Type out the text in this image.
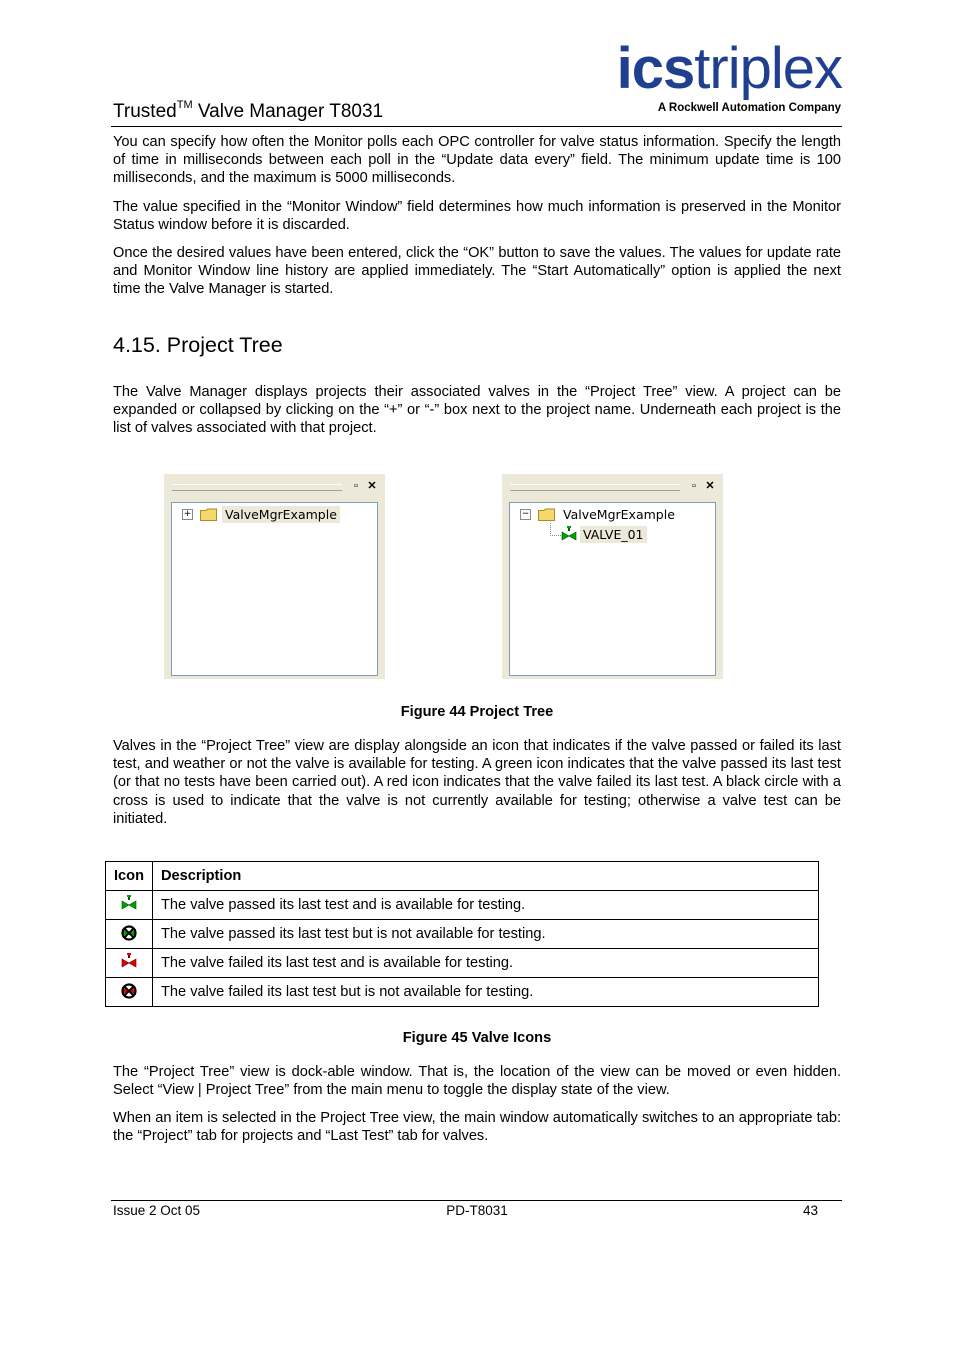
icstriplex
A Rockwell Automation Company
Trusted™ Valve Manager T8031
You can specify how often the Monitor polls each OPC controller for valve status information. Specify the length of time in milliseconds between each poll in the “Update data every” field. The minimum update time is 100 milliseconds, and the maximum is 5000 milliseconds.
The value specified in the “Monitor Window” field determines how much information is preserved in the Monitor Status window before it is discarded.
Once the desired values have been entered, click the “OK” button to save the values. The values for update rate and Monitor Window line history are applied immediately. The “Start Automatically” option is applied the next time the Valve Manager is started.
4.15. Project Tree
The Valve Manager displays projects their associated valves in the “Project Tree” view. A project can be expanded or collapsed by clicking on the “+” or “-” box next to the project name. Underneath each project is the list of valves associated with that project.
▫ ✕
+	ValveMgrExample
▫ ✕
−	ValveMgrExample
VALVE_01
Figure 44 Project Tree
Valves in the “Project Tree” view are display alongside an icon that indicates if the valve passed or failed its last test, and weather or not the valve is available for testing. A green icon indicates that the valve passed its last test (or that no tests have been carried out). A red icon indicates that the valve failed its last test. A black circle with a cross is used to indicate that the valve is not currently available for testing; otherwise a valve test can be initiated.
Icon	Description
	The valve passed its last test and is available for testing.
	The valve passed its last test but is not available for testing.
	The valve failed its last test and is available for testing.
	The valve failed its last test but is not available for testing.
Figure 45 Valve Icons
The “Project Tree” view is dock-able window. That is, the location of the view can be moved or even hidden. Select “View | Project Tree” from the main menu to toggle the display state of the view.
When an item is selected in the Project Tree view, the main window automatically switches to an appropriate tab: the “Project” tab for projects and “Last Test” tab for valves.
Issue 2 Oct 05	PD-T8031	43
